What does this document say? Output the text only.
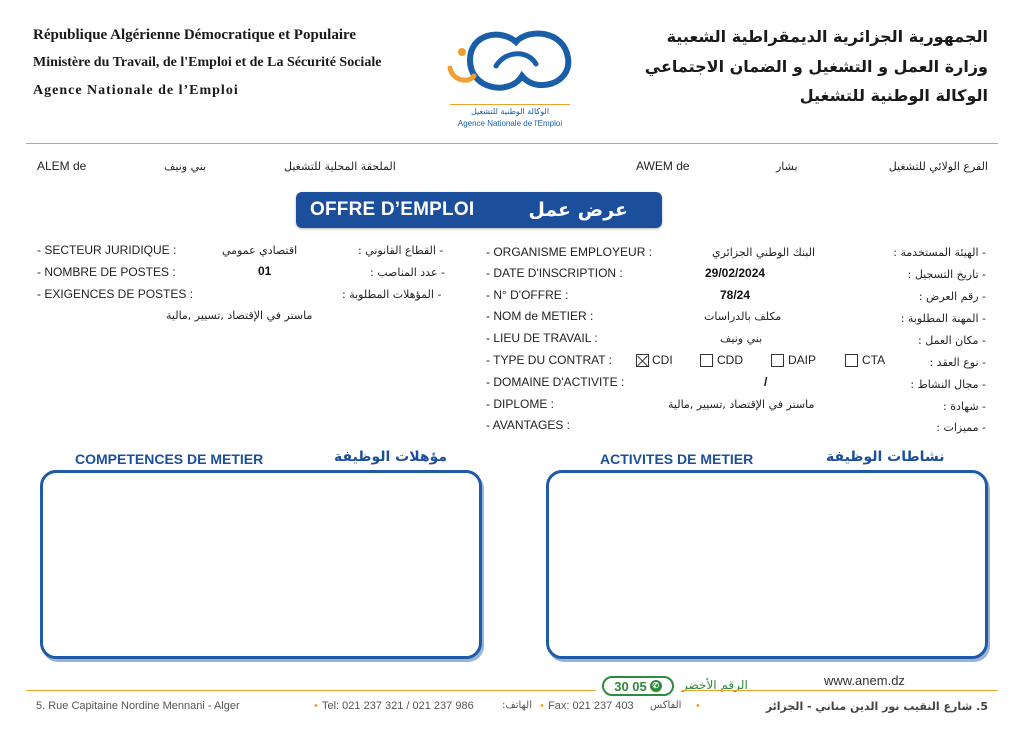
République Algérienne Démocratique et Populaire
Ministère du Travail, de l'Emploi et de La Sécurité Sociale
Agence Nationale de l’Emploi
الجمهورية الجزائرية الديمقراطية الشعبية
وزارة العمل و التشغيل و الضمان الاجتماعي
الوكالة الوطنية للتشغيل
الوكالة الوطنية للتشغيل
Agence Nationale de l'Emploi
ALEM de	بني ونيف	الملحقة المحلية للتشغيل	AWEM de	بشار	الفرع الولائي للتشغيل
OFFRE D’EMPLOI	عرض عمل
- SECTEUR JURIDIQUE :	اقتصادي عمومي	- القطاع القانوني :
- NOMBRE DE POSTES :	01	- عدد المناصب :
- EXIGENCES DE POSTES :	- المؤهلات المطلوبة :
ماستر في الإقتصاد ,تسيير ,مالية
- ORGANISME EMPLOYEUR :	البنك الوطني الجزائري	- الهيئة المستخدمة :
- DATE D'INSCRIPTION :	29/02/2024	- تاريخ التسجيل :
- N° D'OFFRE :	78/24	- رقم العرض :
- NOM de METIER :	مكلف بالدراسات	- المهنة المطلوبة :
- LIEU DE TRAVAIL :	بني ونيف	- مكان العمل :
- TYPE DU CONTRAT :	CDI	CDD	DAIP	CTA	- نوع العقد :
- DOMAINE D'ACTIVITE :	/	- مجال النشاط :
- DIPLOME :	ماستر في الإقتصاد ,تسيير ,مالية	- شهادة :
- AVANTAGES :	- مميزات :
COMPETENCES DE METIER	مؤهلات الوظيفة	ACTIVITES DE METIER	نشاطات الوظيفة
www.anem.dz
الرقم الأخضر
30 05 ✆
5. Rue Capitaine Nordine Mennani - Alger	• Tel: 021 237 321 / 021 237 986	الهاتف: • Fax: 021 237 403 الفاكس •	5. شارع النقيب نور الدين مناني - الجزائر
